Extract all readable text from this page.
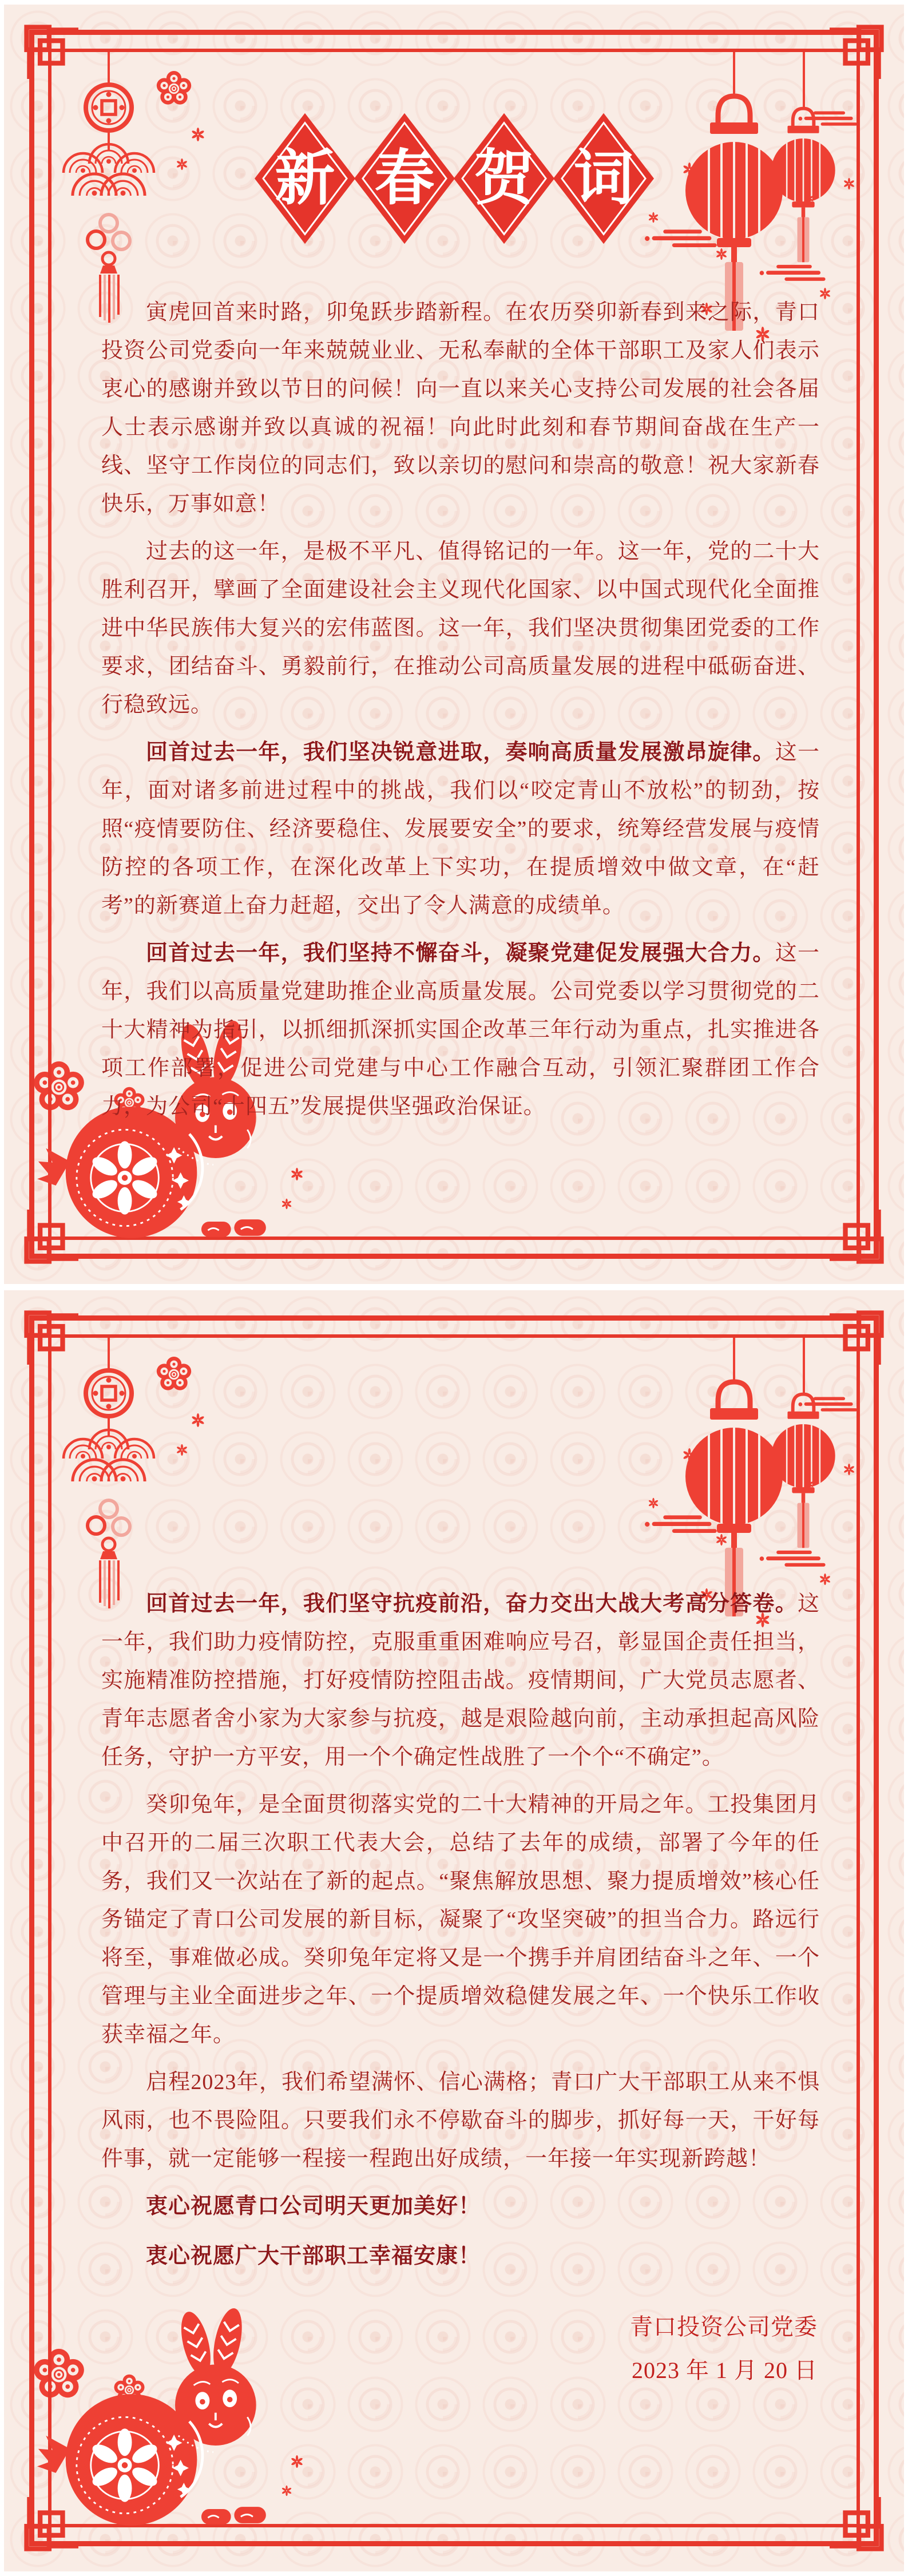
新 春 贺 词

寅虎回首来时路，卯兔跃步踏新程。在农历癸卯新春到来之际，青口投资公司党委向一年来兢兢业业、无私奉献的全体干部职工及家人们表示衷心的感谢并致以节日的问候！向一直以来关心支持公司发展的社会各届人士表示感谢并致以真诚的祝福！向此时此刻和春节期间奋战在生产一线、坚守工作岗位的同志们，致以亲切的慰问和崇高的敬意！祝大家新春快乐，万事如意！

过去的这一年，是极不平凡、值得铭记的一年。这一年，党的二十大胜利召开，擘画了全面建设社会主义现代化国家、以中国式现代化全面推进中华民族伟大复兴的宏伟蓝图。这一年，我们坚决贯彻集团党委的工作要求，团结奋斗、勇毅前行，在推动公司高质量发展的进程中砥砺奋进、行稳致远。

回首过去一年，我们坚决锐意进取，奏响高质量发展激昂旋律。这一年，面对诸多前进过程中的挑战，我们以“咬定青山不放松”的韧劲，按照“疫情要防住、经济要稳住、发展要安全”的要求，统筹经营发展与疫情防控的各项工作，在深化改革上下实功，在提质增效中做文章，在“赶考”的新赛道上奋力赶超，交出了令人满意的成绩单。

回首过去一年，我们坚持不懈奋斗，凝聚党建促发展强大合力。这一年，我们以高质量党建助推企业高质量发展。公司党委以学习贯彻党的二十大精神为指引，以抓细抓深抓实国企改革三年行动为重点，扎实推进各项工作部署，促进公司党建与中心工作融合互动，引领汇聚群团工作合力，为公司“十四五”发展提供坚强政治保证。

回首过去一年，我们坚守抗疫前沿，奋力交出大战大考高分答卷。这一年，我们助力疫情防控，克服重重困难响应号召，彰显国企责任担当，实施精准防控措施，打好疫情防控阻击战。疫情期间，广大党员志愿者、青年志愿者舍小家为大家参与抗疫，越是艰险越向前，主动承担起高风险任务，守护一方平安，用一个个确定性战胜了一个个“不确定”。

癸卯兔年，是全面贯彻落实党的二十大精神的开局之年。工投集团月中召开的二届三次职工代表大会，总结了去年的成绩，部署了今年的任务，我们又一次站在了新的起点。“聚焦解放思想、聚力提质增效”核心任务锚定了青口公司发展的新目标，凝聚了“攻坚突破”的担当合力。路远行将至，事难做必成。癸卯兔年定将又是一个携手并肩团结奋斗之年、一个管理与主业全面进步之年、一个提质增效稳健发展之年、一个快乐工作收获幸福之年。

启程2023年，我们希望满怀、信心满格；青口广大干部职工从来不惧风雨，也不畏险阻。只要我们永不停歇奋斗的脚步，抓好每一天，干好每件事，就一定能够一程接一程跑出好成绩，一年接一年实现新跨越！

衷心祝愿青口公司明天更加美好！

衷心祝愿广大干部职工幸福安康！

青口投资公司党委

2023 年 1 月 20 日
